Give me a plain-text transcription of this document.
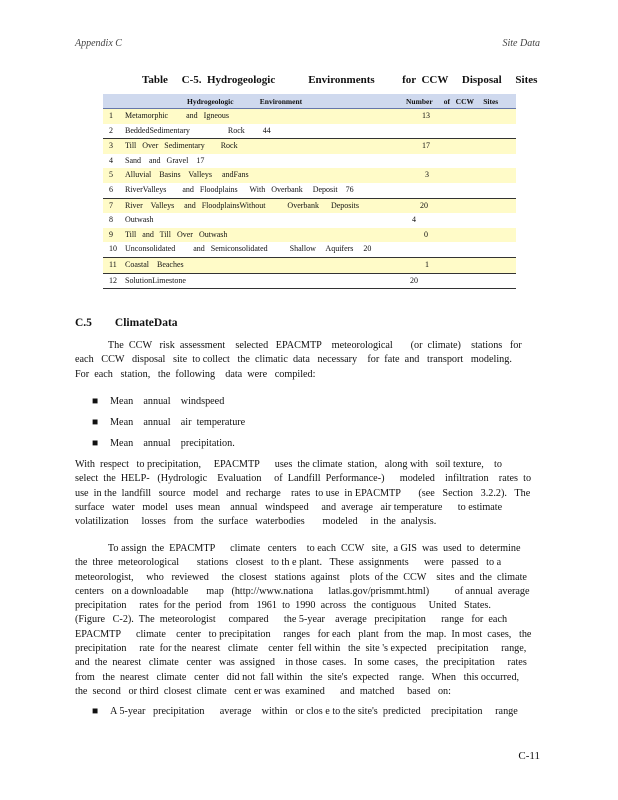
Appendix C	Site Data
Table     C-5.  Hydrogeologic            Environments          for  CCW     Disposal     Sites
Hydrogeologic              Environment	Number      of   CCW     Sites
1 Metamorphic         and   Igneous	13
2 BeddedSedimentary                   Rock         44
3 Till   Over   Sedimentary        Rock	17
4 Sand    and   Gravel    17
5 Alluvial    Basins    Valleys     andFans	3
6 RiverValleys        and   Floodplains      With   Overbank     Deposit    76
7 River    Valleys     and   FloodplainsWithout           Overbank      Deposits	20
8 Outwash	4
9 Till   and   Till   Over   Outwash	0
10 Unconsolidated         and   Semiconsolidated           Shallow     Aquifers     20
11 Coastal    Beaches	1
12 SolutionLimestone	20
C.5        ClimateData
The  CCW   risk  assessment    selected   EPACMTP    meteorological       (or  climate)    stations   for
each   CCW   disposal   site  to collect   the  climatic  data   necessary    for  fate  and   transport   modeling.
For  each   station,   the  following    data  were   compiled:
■ Mean    annual    windspeed
■ Mean    annual    air  temperature
■ Mean    annual    precipitation.
With  respect   to precipitation,     EPACMTP      uses  the climate  station,   along with   soil texture,    to
select  the  HELP-   (Hydrologic    Evaluation     of  Landfill  Performance-)      modeled    infiltration    rates  to
use  in the  landfill   source   model   and  recharge    rates  to use  in EPACMTP       (see   Section   3.2.2).   The
surface   water   model   uses  mean    annual   windspeed     and  average   air temperature      to estimate
volatilization     losses   from   the  surface   waterbodies       modeled     in  the  analysis.
To assign  the  EPACMTP      climate   centers    to each  CCW   site,  a GIS  was  used  to  determine
the  three  meteorological       stations   closest   to th e plant.   These  assignments      were   passed   to a
meteorologist,     who   reviewed     the  closest   stations  against    plots  of the  CCW    sites  and  the  climate
centers   on a downloadable       map   (http://www.nationa      latlas.gov/prismmt.html)          of annual  average
precipitation     rates  for the  period   from   1961  to  1990  across   the  contiguous     United   States.
(Figure   C-2).  The  meteorologist     compared      the 5-year    average   precipitation      range   for  each
EPACMTP      climate    center   to precipitation     ranges   for each   plant  from  the  map.  In most  cases,   the
precipitation     rate  for the  nearest   climate    center  fell within   the  site 's expected    precipitation     range,
and  the  nearest   climate   center   was  assigned    in those  cases.   In  some  cases,   the  precipitation     rates
from   the  nearest   climate   center   did not  fall within   the  site's  expected    range.   When   this occurred,
the  second   or third  closest  climate   cent er was  examined      and  matched     based   on:
■ A 5-year   precipitation      average    within   or clos e to the site's  predicted    precipitation     range
C-11
